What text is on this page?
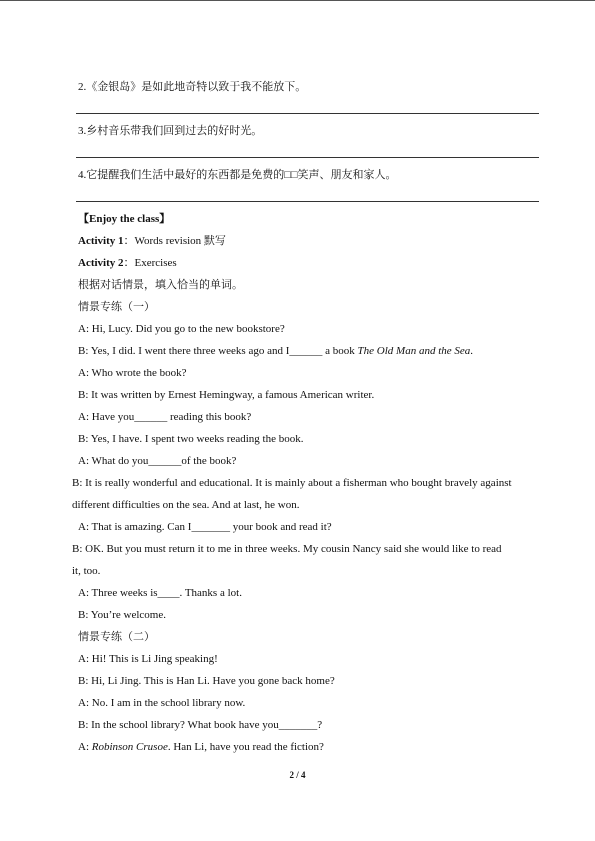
2.《金银岛》是如此地奇特以致于我不能放下。
3.乡村音乐带我们回到过去的好时光。
4.它提醒我们生活中最好的东西都是免费的□□笑声、朋友和家人。
【Enjoy the class】
Activity 1：Words revision 默写
Activity 2：Exercises
根据对话情景，填入恰当的单词。
情景专练（一）
A: Hi, Lucy. Did you go to the new bookstore?
B: Yes, I did. I went there three weeks ago and I______ a book The Old Man and the Sea.
A: Who wrote the book?
B: It was written by Ernest Hemingway, a famous American writer.
A: Have you______ reading this book?
B: Yes, I have. I spent two weeks reading the book.
A: What do you______of the book?
B: It is really wonderful and educational. It is mainly about a fisherman who bought bravely against
different difficulties on the sea. And at last, he won.
A: That is amazing. Can I_______ your book and read it?
B: OK. But you must return it to me in three weeks. My cousin Nancy said she would like to read
it, too.
A: Three weeks is____. Thanks a lot.
B: You’re welcome.
情景专练（二）
A: Hi! This is Li Jing speaking!
B: Hi, Li Jing. This is Han Li. Have you gone back home?
A: No. I am in the school library now.
B: In the school library? What book have you_______?
A: Robinson Crusoe. Han Li, have you read the fiction?
2 / 4
